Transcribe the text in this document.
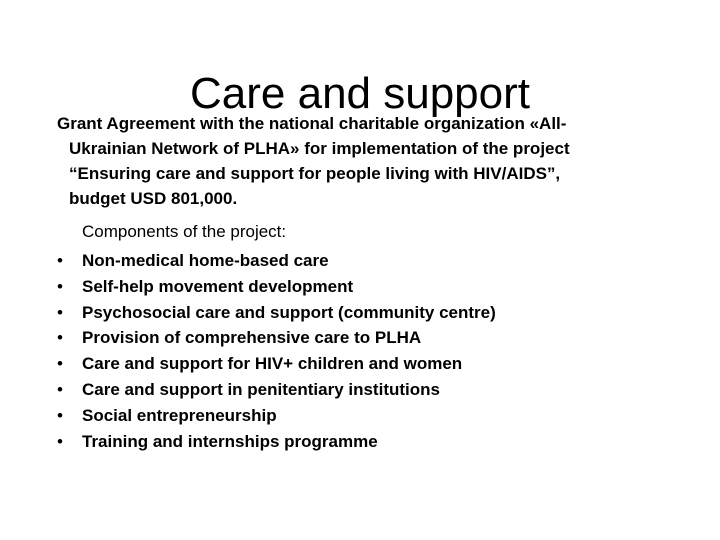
Care and support
Grant Agreement with the national charitable organization «All-
Ukrainian Network of PLHA» for implementation of the project
“Ensuring care and support for people living with HIV/AIDS”,
budget USD 801,000.
Components of the project:
•	Non-medical home-based care
•	Self-help movement development
•	Psychosocial care and support (community centre)
•	Provision of comprehensive care to PLHA
•	Care and support for HIV+ children and women
•	Care and support in penitentiary institutions
•	Social entrepreneurship
•	Training and internships programme
